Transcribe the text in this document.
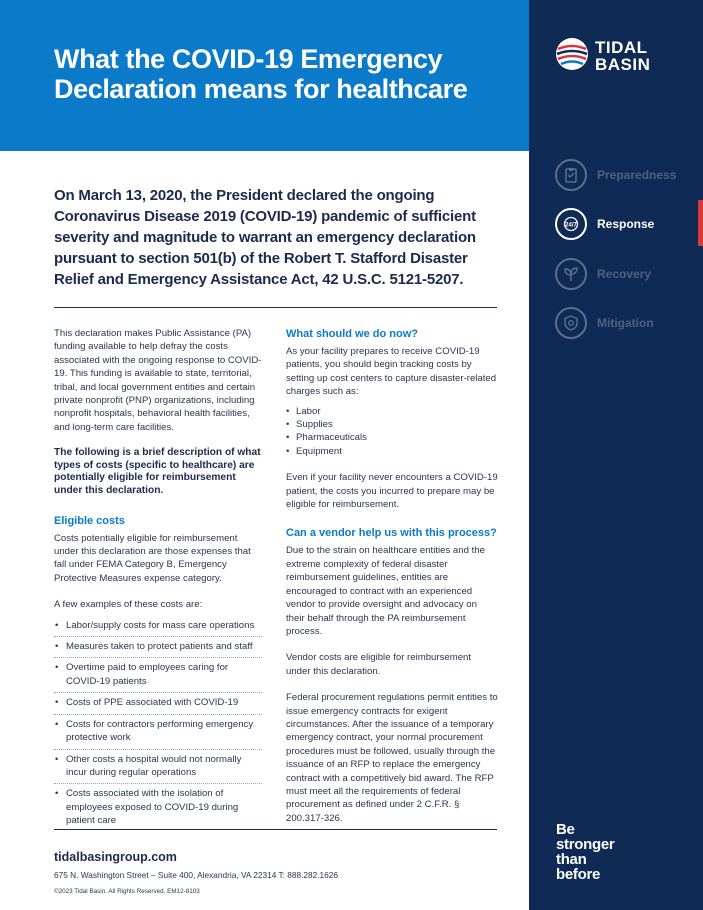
What the COVID-19 Emergency
Declaration means for healthcare
TIDAL
BASIN
Preparedness
24/7 Response
Recovery
Mitigation
Be
stronger
than
before

On March 13, 2020, the President declared the ongoing Coronavirus Disease 2019 (COVID-19) pandemic of sufficient severity and magnitude to warrant an emergency declaration pursuant to section 501(b) of the Robert T. Stafford Disaster Relief and Emergency Assistance Act, 42 U.S.C. 5121-5207.

This declaration makes Public Assistance (PA) funding available to help defray the costs associated with the ongoing response to COVID-19. This funding is available to state, territorial, tribal, and local government entities and certain private nonprofit (PNP) organizations, including nonprofit hospitals, behavioral health facilities, and long-term care facilities.

The following is a brief description of what types of costs (specific to healthcare) are potentially eligible for reimbursement under this declaration.

Eligible costs

Costs potentially eligible for reimbursement under this declaration are those expenses that fall under FEMA Category B, Emergency Protective Measures expense category.

A few examples of these costs are:

• Labor/supply costs for mass care operations
• Measures taken to protect patients and staff
• Overtime paid to employees caring for COVID-19 patients
• Costs of PPE associated with COVID-19
• Costs for contractors performing emergency protective work
• Other costs a hospital would not normally incur during regular operations
• Costs associated with the isolation of employees exposed to COVID-19 during patient care
What should we do now?

As your facility prepares to receive COVID-19 patients, you should begin tracking costs by setting up cost centers to capture disaster-related charges such as:

• Labor
• Supplies
• Pharmaceuticals
• Equipment

Even if your facility never encounters a COVID-19 patient, the costs you incurred to prepare may be eligible for reimbursement.

Can a vendor help us with this process?

Due to the strain on healthcare entities and the extreme complexity of federal disaster reimbursement guidelines, entities are encouraged to contract with an experienced vendor to provide oversight and advocacy on their behalf through the PA reimbursement process.

Vendor costs are eligible for reimbursement under this declaration.

Federal procurement regulations permit entities to issue emergency contracts for exigent circumstances. After the issuance of a temporary emergency contract, your normal procurement procedures must be followed, usually through the issuance of an RFP to replace the emergency contract with a competitively bid award. The RFP must meet all the requirements of federal procurement as defined under 2 C.F.R. § 200.317-326.

tidalbasingroup.com
675 N. Washington Street – Suite 400, Alexandria, VA 22314 T: 888.282.1626
©2023 Tidal Basin. All Rights Reserved. EM12-8103
